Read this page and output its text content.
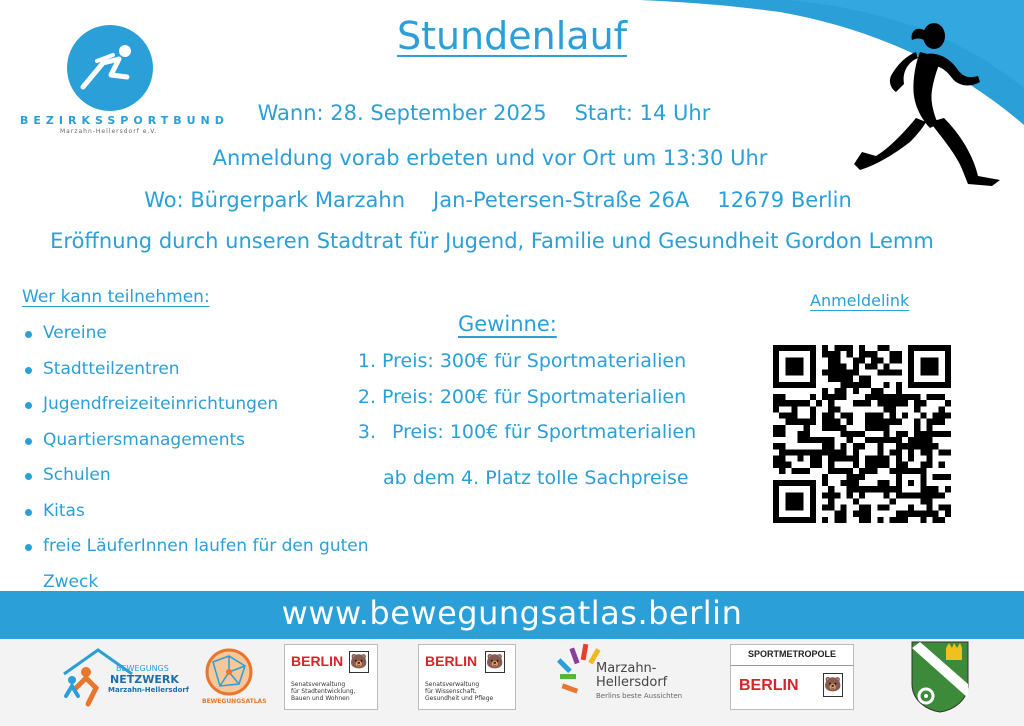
BEZIRKSSPORTBUND
Marzahn-Hellersdorf e.V.
Stundenlauf
Wann: 28. September 2025 Start: 14 Uhr
Anmeldung vorab erbeten und vor Ort um 13:30 Uhr
Wo: Bürgerpark Marzahn Jan-Petersen-Straße 26A 12679 Berlin
Eröffnung durch unseren Stadtrat für Jugend, Familie und Gesundheit Gordon Lemm
Wer kann teilnehmen:
Vereine
Stadtteilzentren
Jugendfreizeiteinrichtungen
Quartiersmanagements
Schulen
Kitas
freie LäuferInnen laufen für den guten
Zweck
Gewinne:
1. Preis: 300€ für Sportmaterialien
2. Preis: 200€ für Sportmaterialien
3. Preis: 100€ für Sportmaterialien
ab dem 4. Platz tolle Sachpreise
Anmeldelink
www.bewegungsatlas.berlin
BEWEGUNGS
NETZWERK
Marzahn-Hellersdorf
BEWEGUNGSATLAS
BERLIN 🐻
Senatsverwaltung
für Stadtentwicklung,
Bauen und Wohnen
BERLIN 🐻
Senatsverwaltung
für Wissenschaft,
Gesundheit und Pflege
Marzahn-
Hellersdorf
Berlins beste Aussichten
SPORTMETROPOLE
BERLIN 🐻
